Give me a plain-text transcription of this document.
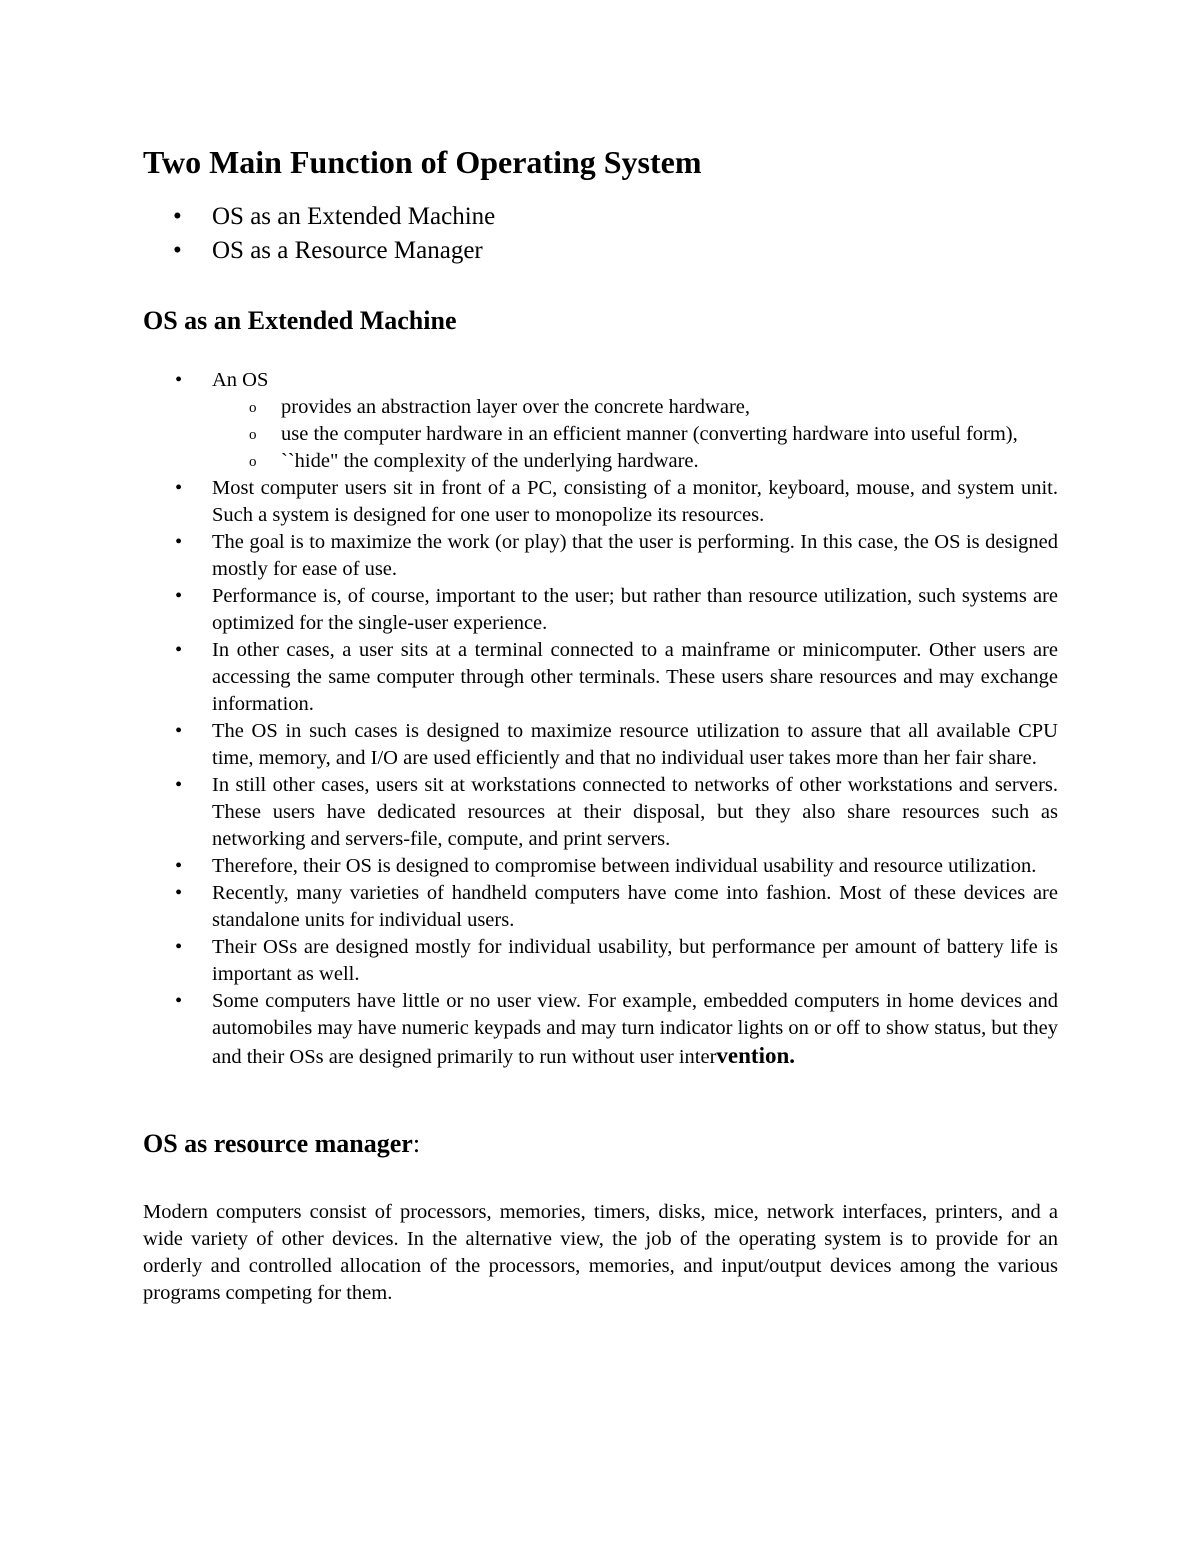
Two Main Function of Operating System
• OS as an Extended Machine
• OS as a Resource Manager
OS as an Extended Machine
• An OS
o provides an abstraction layer over the concrete hardware,
o use the computer hardware in an efficient manner (converting hardware into useful form),
o ``hide" the complexity of the underlying hardware.
• Most computer users sit in front of a PC, consisting of a monitor, keyboard, mouse, and system unit. Such a system is designed for one user to monopolize its resources.
• The goal is to maximize the work (or play) that the user is performing. In this case, the OS is designed mostly for ease of use.
• Performance is, of course, important to the user; but rather than resource utilization, such systems are optimized for the single-user experience.
• In other cases, a user sits at a terminal connected to a mainframe or minicomputer. Other users are accessing the same computer through other terminals. These users share resources and may exchange information.
• The OS in such cases is designed to maximize resource utilization to assure that all available CPU time, memory, and I/O are used efficiently and that no individual user takes more than her fair share.
• In still other cases, users sit at workstations connected to networks of other workstations and servers. These users have dedicated resources at their disposal, but they also share resources such as networking and servers-file, compute, and print servers.
• Therefore, their OS is designed to compromise between individual usability and resource utilization.
• Recently, many varieties of handheld computers have come into fashion. Most of these devices are standalone units for individual users.
• Their OSs are designed mostly for individual usability, but performance per amount of battery life is important as well.
• Some computers have little or no user view. For example, embedded computers in home devices and automobiles may have numeric keypads and may turn indicator lights on or off to show status, but they and their OSs are designed primarily to run without user intervention.
OS as resource manager:

Modern computers consist of processors, memories, timers, disks, mice, network interfaces, printers, and a wide variety of other devices. In the alternative view, the job of the operating system is to provide for an orderly and controlled allocation of the processors, memories, and input/output devices among the various programs competing for them.
